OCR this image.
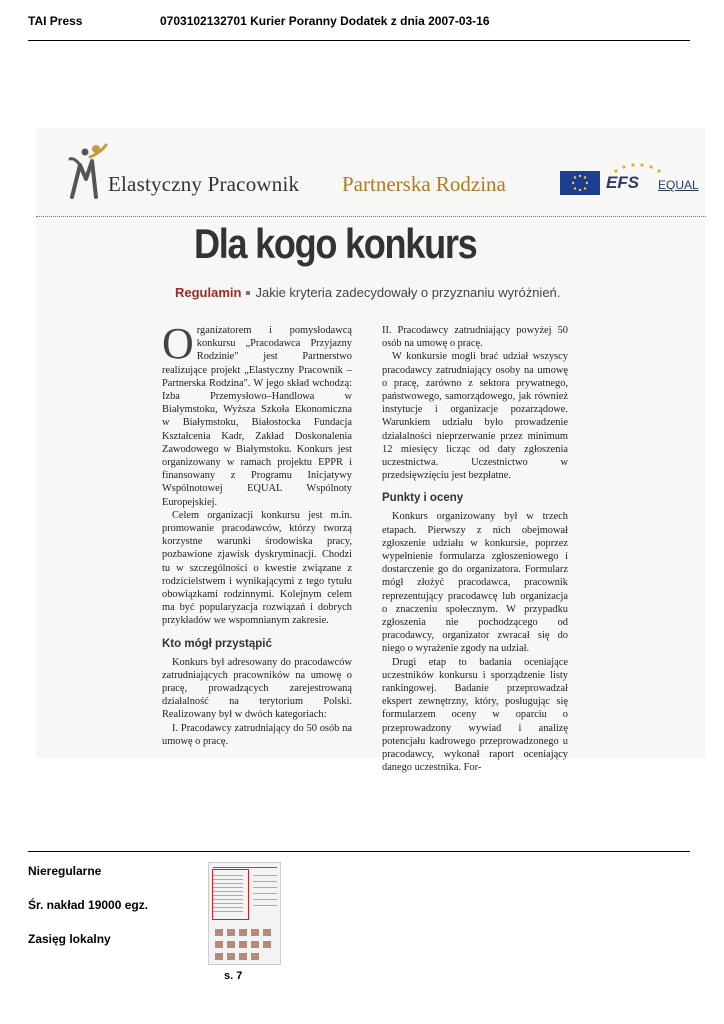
TAI Press	0703102132701 Kurier Poranny Dodatek z dnia 2007-03-16
Elastyczny Pracownik Partnerska Rodzina	EFS EQUAL
Dla kogo konkurs
Regulamin Jakie kryteria zadecydowały o przyznaniu wyróżnień.

Organizatorem i pomysłodawcą konkursu „Pracodawca Przyjazny Rodzinie" jest Partnerstwo realizujące projekt „Elastyczny Pracownik – Partnerska Rodzina". W jego skład wchodzą: Izba Przemysłowo–Handlowa w Białymstoku, Wyższa Szkoła Ekonomiczna w Białymstoku, Białostocka Fundacja Kształcenia Kadr, Zakład Doskonalenia Zawodowego w Białymstoku. Konkurs jest organizowany w ramach projektu EPPR i finansowany z Programu Inicjatywy Wspólnotowej EQUAL Wspólnoty Europejskiej.

Celem organizacji konkursu jest m.in. promowanie pracodawców, którzy tworzą korzystne warunki środowiska pracy, pozbawione zjawisk dyskryminacji. Chodzi tu w szczególności o kwestie związane z rodzicielstwem i wynikającymi z tego tytułu obowiązkami rodzinnymi. Kolejnym celem ma być popularyzacja rozwiązań i dobrych przykładów we wspomnianym zakresie.

Kto mógł przystąpić

Konkurs był adresowany do pracodawców zatrudniających pracowników na umowę o pracę, prowadzących zarejestrowaną działalność na terytorium Polski. Realizowany był w dwóch kategoriach:

I. Pracodawcy zatrudniający do 50 osób na umowę o pracę.

II. Pracodawcy zatrudniający powyżej 50 osób na umowę o pracę.

W konkursie mogli brać udział wszyscy pracodawcy zatrudniający osoby na umowę o pracę, zarówno z sektora prywatnego, państwowego, samorządowego, jak również instytucje i organizacje pozarządowe. Warunkiem udziału było prowadzenie działalności nieprzerwanie przez minimum 12 miesięcy licząc od daty zgłoszenia uczestnictwa. Uczestnictwo w przedsięwzięciu jest bezpłatne.

Punkty i oceny

Konkurs organizowany był w trzech etapach. Pierwszy z nich obejmował zgłoszenie udziału w konkursie, poprzez wypełnienie formularza zgłoszeniowego i dostarczenie go do organizatora. Formularz mógł złożyć pracodawca, pracownik reprezentujący pracodawcę lub organizacja o znaczeniu społecznym. W przypadku zgłoszenia nie pochodzącego od pracodawcy, organizator zwracał się do niego o wyrażenie zgody na udział.

Drugi etap to badania oceniające uczestników konkursu i sporządzenie listy rankingowej. Badanie przeprowadzał ekspert zewnętrzny, który, posługując się formularzem oceny w oparciu o przeprowadzony wywiad i analizę potencjału kadrowego przeprowadzonego u pracodawcy, wykonał raport oceniający danego uczestnika. For-

Nieregularne
Śr. nakład 19000 egz.
Zasięg lokalny
s. 7
